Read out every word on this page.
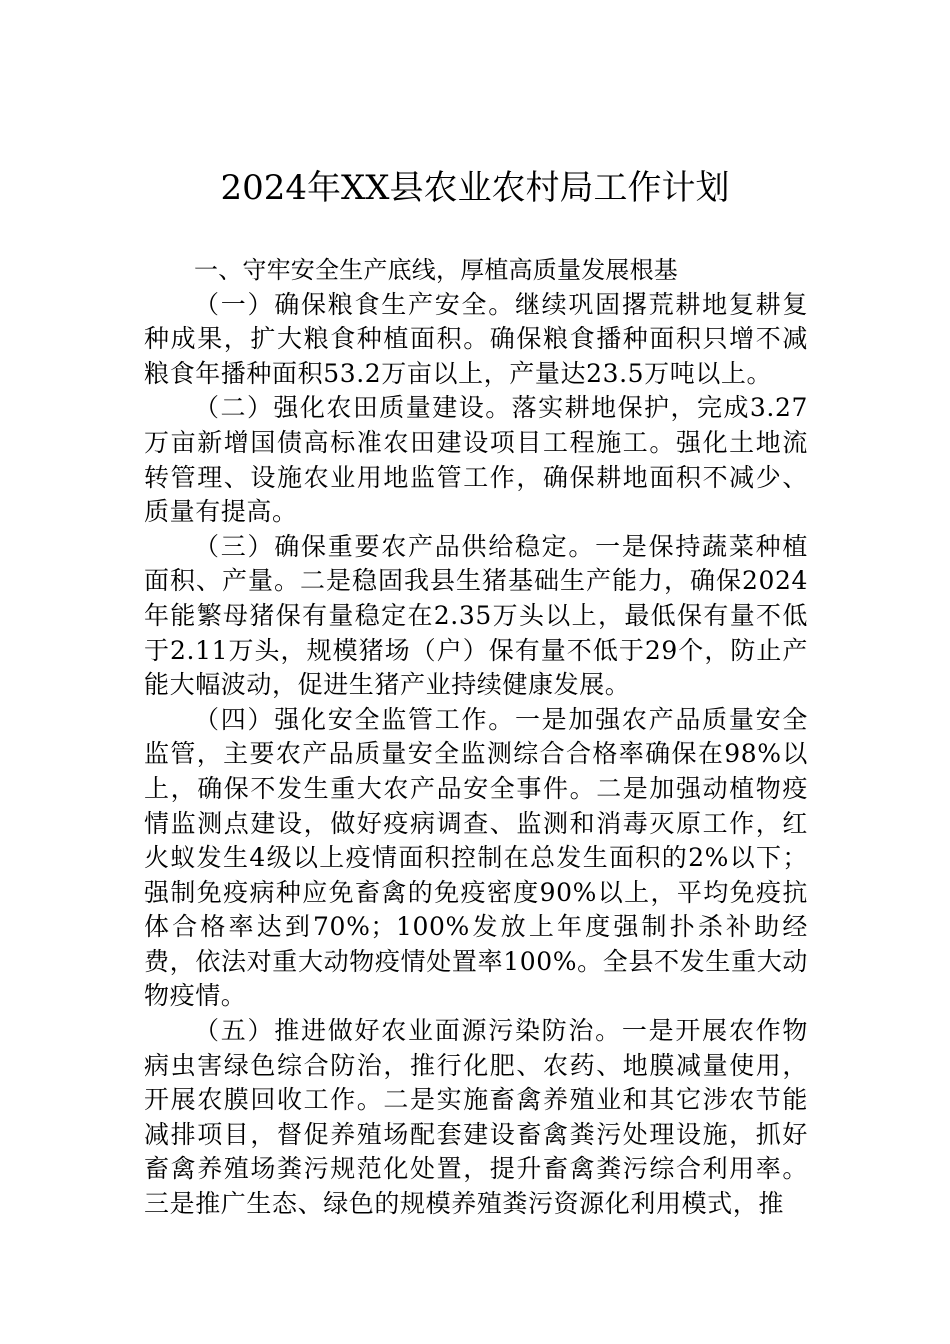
2024年XX县农业农村局工作计划

一、守牢安全生产底线，厚植高质量发展根基

（一）确保粮食生产安全。继续巩固撂荒耕地复耕复种成果，扩大粮食种植面积。确保粮食播种面积只增不减粮食年播种面积53.2万亩以上，产量达23.5万吨以上。

（二）强化农田质量建设。落实耕地保护，完成3.27万亩新增国债高标准农田建设项目工程施工。强化土地流转管理、设施农业用地监管工作，确保耕地面积不减少、质量有提高。

（三）确保重要农产品供给稳定。一是保持蔬菜种植面积、产量。二是稳固我县生猪基础生产能力，确保2024年能繁母猪保有量稳定在2.35万头以上，最低保有量不低于2.11万头，规模猪场（户）保有量不低于29个，防止产能大幅波动，促进生猪产业持续健康发展。

（四）强化安全监管工作。一是加强农产品质量安全监管，主要农产品质量安全监测综合合格率确保在98%以上，确保不发生重大农产品安全事件。二是加强动植物疫情监测点建设，做好疫病调查、监测和消毒灭原工作，红火蚁发生4级以上疫情面积控制在总发生面积的2%以下；强制免疫病种应免畜禽的免疫密度90%以上，平均免疫抗体合格率达到70%；100%发放上年度强制扑杀补助经费，依法对重大动物疫情处置率100%。全县不发生重大动物疫情。

（五）推进做好农业面源污染防治。一是开展农作物病虫害绿色综合防治，推行化肥、农药、地膜减量使用，开展农膜回收工作。二是实施畜禽养殖业和其它涉农节能减排项目，督促养殖场配套建设畜禽粪污处理设施，抓好畜禽养殖场粪污规范化处置，提升畜禽粪污综合利用率。三是推广生态、绿色的规模养殖粪污资源化利用模式，推
